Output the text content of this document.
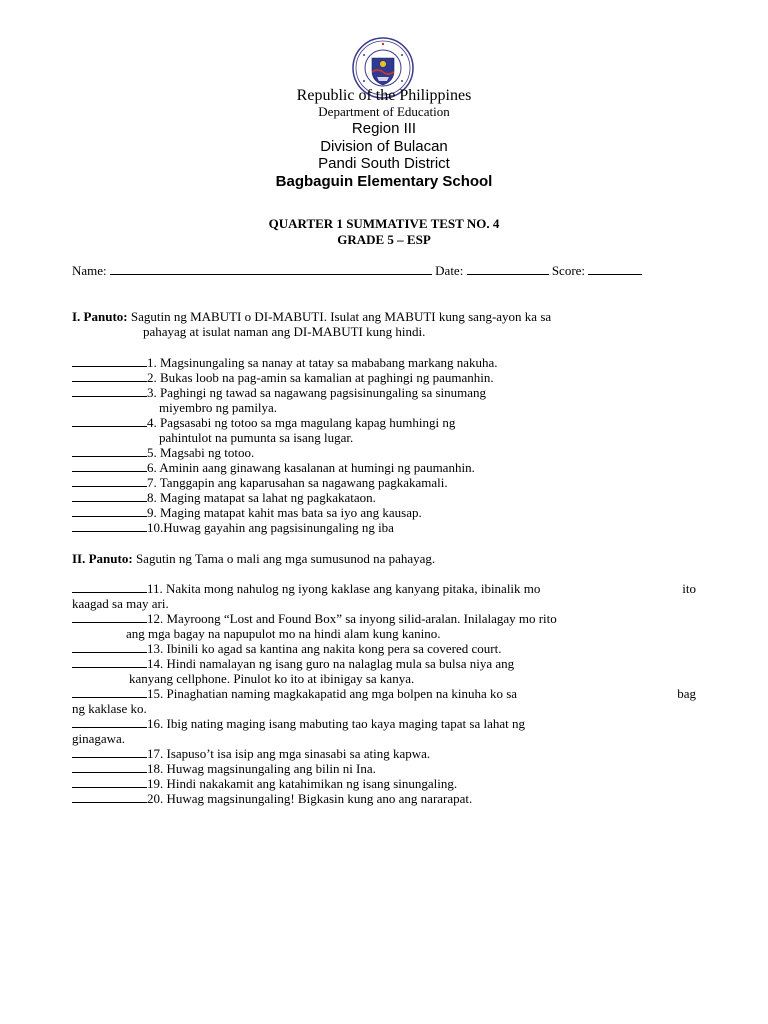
Republic of the Philippines
Department of Education
Region III
Division of Bulacan
Pandi South District
Bagbaguin Elementary School
QUARTER 1 SUMMATIVE TEST NO. 4
GRADE 5 – ESP
Name:	Date:	Score:
I. Panuto: Sagutin ng MABUTI o DI-MABUTI. Isulat ang MABUTI kung sang-ayon ka sa
pahayag at isulat naman ang DI-MABUTI kung hindi.
1. Magsinungaling sa nanay at tatay sa mababang markang nakuha.
2. Bukas loob na pag-amin sa kamalian at paghingi ng paumanhin.
3. Paghingi ng tawad sa nagawang pagsisinungaling sa sinumang
miyembro ng pamilya.
4. Pagsasabi ng totoo sa mga magulang kapag humhingi ng
pahintulot na pumunta sa isang lugar.
5. Magsabi ng totoo.
6. Aminin aang ginawang kasalanan at humingi ng paumanhin.
7. Tanggapin ang kaparusahan sa nagawang pagkakamali.
8. Maging matapat sa lahat ng pagkakataon.
9. Maging matapat kahit mas bata sa iyo ang kausap.
10.Huwag gayahin ang pagsisinungaling ng iba
II. Panuto: Sagutin ng Tama o mali ang mga sumusunod na pahayag.
11. Nakita mong nahulog ng iyong kaklase ang kanyang pitaka, ibinalik mo	ito
kaagad sa may ari.
12. Mayroong “Lost and Found Box” sa inyong silid-aralan. Inilalagay mo rito
ang mga bagay na napupulot mo na hindi alam kung kanino.
13. Ibinili ko agad sa kantina ang nakita kong pera sa covered court.
14. Hindi namalayan ng isang guro na nalaglag mula sa bulsa niya ang
kanyang cellphone. Pinulot ko ito at ibinigay sa kanya.
15. Pinaghatian naming magkakapatid ang mga bolpen na kinuha ko sa	bag
ng kaklase ko.
16. Ibig nating maging isang mabuting tao kaya maging tapat sa lahat ng
ginagawa.
17. Isapuso’t isa isip ang mga sinasabi sa ating kapwa.
18. Huwag magsinungaling ang bilin ni Ina.
19. Hindi nakakamit ang katahimikan ng isang sinungaling.
20. Huwag magsinungaling! Bigkasin kung ano ang nararapat.
